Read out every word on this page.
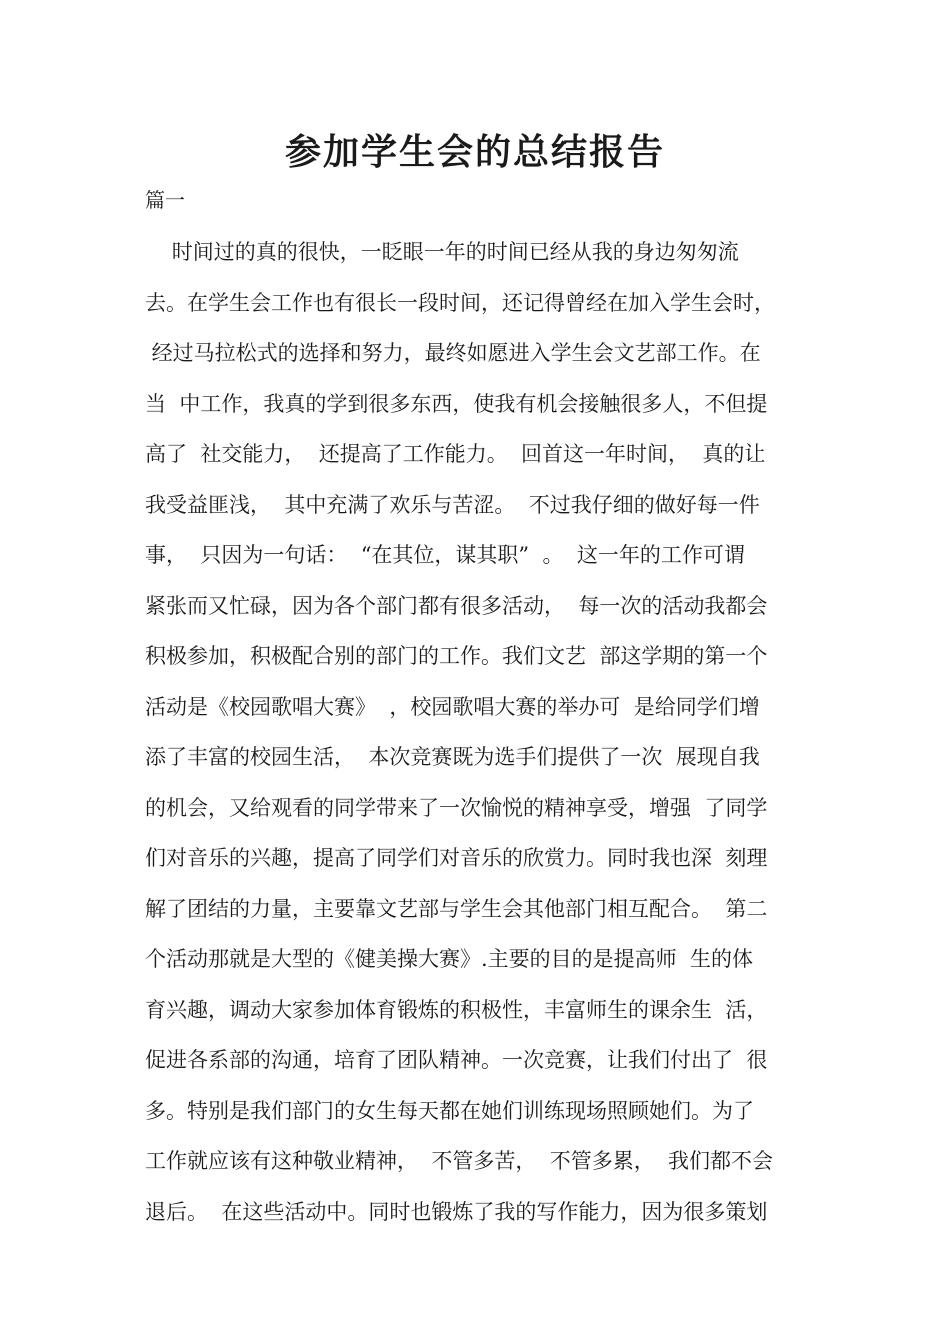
参加学生会的总结报告
篇一
时间过的真的很快，一眨眼一年的时间已经从我的身边匆匆流
去。在学生会工作也有很长一段时间，还记得曾经在加入学生会时，
经过马拉松式的选择和努力，最终如愿进入学生会文艺部工作。在
当  中工作，我真的学到很多东西，使我有机会接触很多人，不但提
高了  社交能力，  还提高了工作能力。  回首这一年时间，  真的让
我受益匪浅，  其中充满了欢乐与苦涩。  不过我仔细的做好每一件
事，  只因为一句话：  “在其位，谋其职”  。  这一年的工作可谓
紧张而又忙碌，因为各个部门都有很多活动，  每一次的活动我都会
积极参加，积极配合别的部门的工作。我们文艺  部这学期的第一个
活动是《校园歌唱大赛》  ，校园歌唱大赛的举办可  是给同学们增
添了丰富的校园生活，  本次竞赛既为选手们提供了一次  展现自我
的机会，又给观看的同学带来了一次愉悦的精神享受，增强  了同学
们对音乐的兴趣，提高了同学们对音乐的欣赏力。同时我也深  刻理
解了团结的力量，主要靠文艺部与学生会其他部门相互配合。  第二
个活动那就是大型的《健美操大赛》.主要的目的是提高师  生的体
育兴趣，调动大家参加体育锻炼的积极性，丰富师生的课余生  活，
促进各系部的沟通，培育了团队精神。一次竞赛，让我们付出了  很
多。特别是我们部门的女生每天都在她们训练现场照顾她们。为了
工作就应该有这种敬业精神，  不管多苦，  不管多累，  我们都不会
退后。  在这些活动中。同时也锻炼了我的写作能力，因为很多策划
